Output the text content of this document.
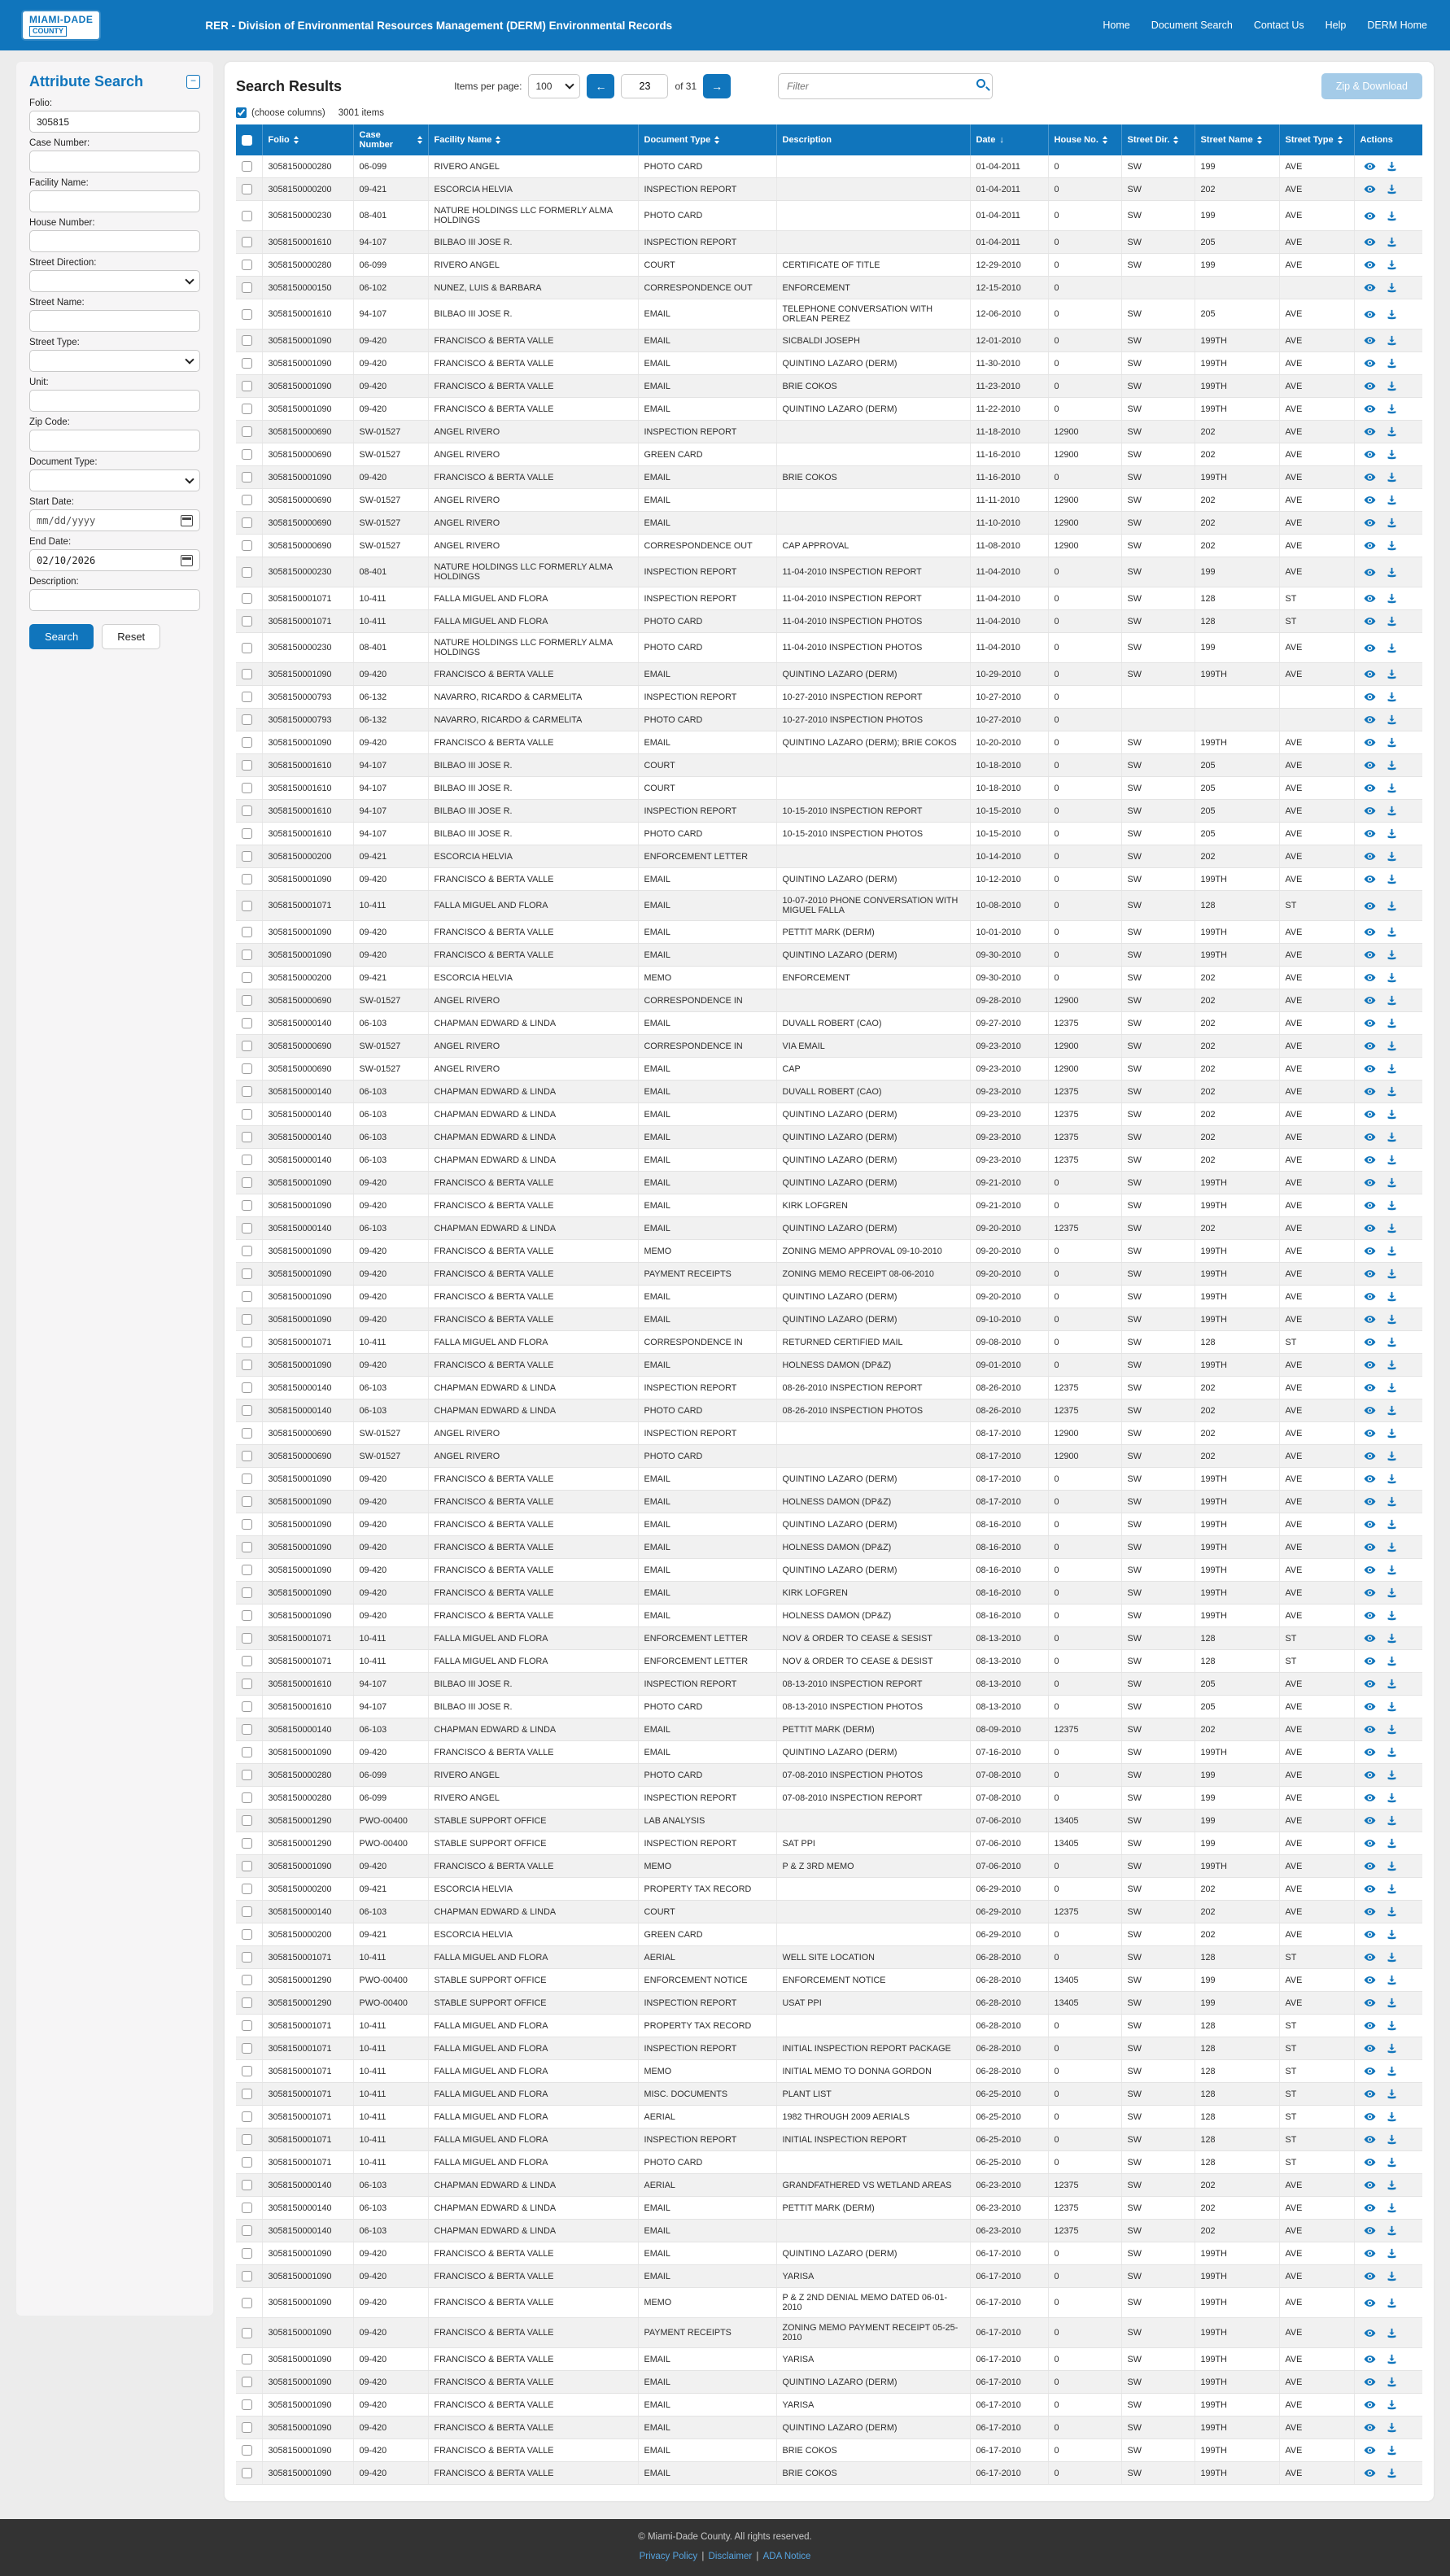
MIAMI-DADE
COUNTY	RER - Division of Environmental Resources Management (DERM) Environmental Records	Home Document Search Contact Us Help DERM Home
Attribute Search	−
Folio:
305815
Case Number:
Facility Name:
House Number:
Street Direction:
Street Name:
Street Type:
Unit:
Zip Code:
Document Type:
Start Date:
mm/dd/yyyy
End Date:
02/10/2026
Description:
Search	Reset
Search Results	Items per page: 100	←
23	of 31	→
Filter	Zip & Download
(choose columns) 3001 items

Folio	Case Number	Facility Name	Document Type	Description	Date ↓	House No.	Street Dir.	Street Name	Street Type	Actions

	3058150000280	06-099	RIVERO ANGEL	PHOTO CARD		01-04-2011	0	SW	199	AVE	

	3058150000200	09-421	ESCORCIA HELVIA	INSPECTION REPORT		01-04-2011	0	SW	202	AVE	

	3058150000230	08-401	NATURE HOLDINGS LLC FORMERLY ALMA HOLDINGS	PHOTO CARD		01-04-2011	0	SW	199	AVE	

	3058150001610	94-107	BILBAO III JOSE R.	INSPECTION REPORT		01-04-2011	0	SW	205	AVE	

	3058150000280	06-099	RIVERO ANGEL	COURT	CERTIFICATE OF TITLE	12-29-2010	0	SW	199	AVE	

	3058150000150	06-102	NUNEZ, LUIS & BARBARA	CORRESPONDENCE OUT	ENFORCEMENT	12-15-2010	0				

	3058150001610	94-107	BILBAO III JOSE R.	EMAIL	TELEPHONE CONVERSATION WITH ORLEAN PEREZ	12-06-2010	0	SW	205	AVE	

	3058150001090	09-420	FRANCISCO & BERTA VALLE	EMAIL	SICBALDI JOSEPH	12-01-2010	0	SW	199TH	AVE	

	3058150001090	09-420	FRANCISCO & BERTA VALLE	EMAIL	QUINTINO LAZARO (DERM)	11-30-2010	0	SW	199TH	AVE	

	3058150001090	09-420	FRANCISCO & BERTA VALLE	EMAIL	BRIE COKOS	11-23-2010	0	SW	199TH	AVE	

	3058150001090	09-420	FRANCISCO & BERTA VALLE	EMAIL	QUINTINO LAZARO (DERM)	11-22-2010	0	SW	199TH	AVE	

	3058150000690	SW-01527	ANGEL RIVERO	INSPECTION REPORT		11-18-2010	12900	SW	202	AVE	

	3058150000690	SW-01527	ANGEL RIVERO	GREEN CARD		11-16-2010	12900	SW	202	AVE	

	3058150001090	09-420	FRANCISCO & BERTA VALLE	EMAIL	BRIE COKOS	11-16-2010	0	SW	199TH	AVE	

	3058150000690	SW-01527	ANGEL RIVERO	EMAIL		11-11-2010	12900	SW	202	AVE	

	3058150000690	SW-01527	ANGEL RIVERO	EMAIL		11-10-2010	12900	SW	202	AVE	

	3058150000690	SW-01527	ANGEL RIVERO	CORRESPONDENCE OUT	CAP APPROVAL	11-08-2010	12900	SW	202	AVE	

	3058150000230	08-401	NATURE HOLDINGS LLC FORMERLY ALMA HOLDINGS	INSPECTION REPORT	11-04-2010 INSPECTION REPORT	11-04-2010	0	SW	199	AVE	

	3058150001071	10-411	FALLA MIGUEL AND FLORA	INSPECTION REPORT	11-04-2010 INSPECTION REPORT	11-04-2010	0	SW	128	ST	

	3058150001071	10-411	FALLA MIGUEL AND FLORA	PHOTO CARD	11-04-2010 INSPECTION PHOTOS	11-04-2010	0	SW	128	ST	

	3058150000230	08-401	NATURE HOLDINGS LLC FORMERLY ALMA HOLDINGS	PHOTO CARD	11-04-2010 INSPECTION PHOTOS	11-04-2010	0	SW	199	AVE	

	3058150001090	09-420	FRANCISCO & BERTA VALLE	EMAIL	QUINTINO LAZARO (DERM)	10-29-2010	0	SW	199TH	AVE	

	3058150000793	06-132	NAVARRO, RICARDO & CARMELITA	INSPECTION REPORT	10-27-2010 INSPECTION REPORT	10-27-2010	0				

	3058150000793	06-132	NAVARRO, RICARDO & CARMELITA	PHOTO CARD	10-27-2010 INSPECTION PHOTOS	10-27-2010	0				

	3058150001090	09-420	FRANCISCO & BERTA VALLE	EMAIL	QUINTINO LAZARO (DERM); BRIE COKOS	10-20-2010	0	SW	199TH	AVE	

	3058150001610	94-107	BILBAO III JOSE R.	COURT		10-18-2010	0	SW	205	AVE	

	3058150001610	94-107	BILBAO III JOSE R.	COURT		10-18-2010	0	SW	205	AVE	

	3058150001610	94-107	BILBAO III JOSE R.	INSPECTION REPORT	10-15-2010 INSPECTION REPORT	10-15-2010	0	SW	205	AVE	

	3058150001610	94-107	BILBAO III JOSE R.	PHOTO CARD	10-15-2010 INSPECTION PHOTOS	10-15-2010	0	SW	205	AVE	

	3058150000200	09-421	ESCORCIA HELVIA	ENFORCEMENT LETTER		10-14-2010	0	SW	202	AVE	

	3058150001090	09-420	FRANCISCO & BERTA VALLE	EMAIL	QUINTINO LAZARO (DERM)	10-12-2010	0	SW	199TH	AVE	

	3058150001071	10-411	FALLA MIGUEL AND FLORA	EMAIL	10-07-2010 PHONE CONVERSATION WITH MIGUEL FALLA	10-08-2010	0	SW	128	ST	

	3058150001090	09-420	FRANCISCO & BERTA VALLE	EMAIL	PETTIT MARK (DERM)	10-01-2010	0	SW	199TH	AVE	

	3058150001090	09-420	FRANCISCO & BERTA VALLE	EMAIL	QUINTINO LAZARO (DERM)	09-30-2010	0	SW	199TH	AVE	

	3058150000200	09-421	ESCORCIA HELVIA	MEMO	ENFORCEMENT	09-30-2010	0	SW	202	AVE	

	3058150000690	SW-01527	ANGEL RIVERO	CORRESPONDENCE IN		09-28-2010	12900	SW	202	AVE	

	3058150000140	06-103	CHAPMAN EDWARD & LINDA	EMAIL	DUVALL ROBERT (CAO)	09-27-2010	12375	SW	202	AVE	

	3058150000690	SW-01527	ANGEL RIVERO	CORRESPONDENCE IN	VIA EMAIL	09-23-2010	12900	SW	202	AVE	

	3058150000690	SW-01527	ANGEL RIVERO	EMAIL	CAP	09-23-2010	12900	SW	202	AVE	

	3058150000140	06-103	CHAPMAN EDWARD & LINDA	EMAIL	DUVALL ROBERT (CAO)	09-23-2010	12375	SW	202	AVE	

	3058150000140	06-103	CHAPMAN EDWARD & LINDA	EMAIL	QUINTINO LAZARO (DERM)	09-23-2010	12375	SW	202	AVE	

	3058150000140	06-103	CHAPMAN EDWARD & LINDA	EMAIL	QUINTINO LAZARO (DERM)	09-23-2010	12375	SW	202	AVE	

	3058150000140	06-103	CHAPMAN EDWARD & LINDA	EMAIL	QUINTINO LAZARO (DERM)	09-23-2010	12375	SW	202	AVE	

	3058150001090	09-420	FRANCISCO & BERTA VALLE	EMAIL	QUINTINO LAZARO (DERM)	09-21-2010	0	SW	199TH	AVE	

	3058150001090	09-420	FRANCISCO & BERTA VALLE	EMAIL	KIRK LOFGREN	09-21-2010	0	SW	199TH	AVE	

	3058150000140	06-103	CHAPMAN EDWARD & LINDA	EMAIL	QUINTINO LAZARO (DERM)	09-20-2010	12375	SW	202	AVE	

	3058150001090	09-420	FRANCISCO & BERTA VALLE	MEMO	ZONING MEMO APPROVAL 09-10-2010	09-20-2010	0	SW	199TH	AVE	

	3058150001090	09-420	FRANCISCO & BERTA VALLE	PAYMENT RECEIPTS	ZONING MEMO RECEIPT 08-06-2010	09-20-2010	0	SW	199TH	AVE	

	3058150001090	09-420	FRANCISCO & BERTA VALLE	EMAIL	QUINTINO LAZARO (DERM)	09-20-2010	0	SW	199TH	AVE	

	3058150001090	09-420	FRANCISCO & BERTA VALLE	EMAIL	QUINTINO LAZARO (DERM)	09-10-2010	0	SW	199TH	AVE	

	3058150001071	10-411	FALLA MIGUEL AND FLORA	CORRESPONDENCE IN	RETURNED CERTIFIED MAIL	09-08-2010	0	SW	128	ST	

	3058150001090	09-420	FRANCISCO & BERTA VALLE	EMAIL	HOLNESS DAMON (DP&Z)	09-01-2010	0	SW	199TH	AVE	

	3058150000140	06-103	CHAPMAN EDWARD & LINDA	INSPECTION REPORT	08-26-2010 INSPECTION REPORT	08-26-2010	12375	SW	202	AVE	

	3058150000140	06-103	CHAPMAN EDWARD & LINDA	PHOTO CARD	08-26-2010 INSPECTION PHOTOS	08-26-2010	12375	SW	202	AVE	

	3058150000690	SW-01527	ANGEL RIVERO	INSPECTION REPORT		08-17-2010	12900	SW	202	AVE	

	3058150000690	SW-01527	ANGEL RIVERO	PHOTO CARD		08-17-2010	12900	SW	202	AVE	

	3058150001090	09-420	FRANCISCO & BERTA VALLE	EMAIL	QUINTINO LAZARO (DERM)	08-17-2010	0	SW	199TH	AVE	

	3058150001090	09-420	FRANCISCO & BERTA VALLE	EMAIL	HOLNESS DAMON (DP&Z)	08-17-2010	0	SW	199TH	AVE	

	3058150001090	09-420	FRANCISCO & BERTA VALLE	EMAIL	QUINTINO LAZARO (DERM)	08-16-2010	0	SW	199TH	AVE	

	3058150001090	09-420	FRANCISCO & BERTA VALLE	EMAIL	HOLNESS DAMON (DP&Z)	08-16-2010	0	SW	199TH	AVE	

	3058150001090	09-420	FRANCISCO & BERTA VALLE	EMAIL	QUINTINO LAZARO (DERM)	08-16-2010	0	SW	199TH	AVE	

	3058150001090	09-420	FRANCISCO & BERTA VALLE	EMAIL	KIRK LOFGREN	08-16-2010	0	SW	199TH	AVE	

	3058150001090	09-420	FRANCISCO & BERTA VALLE	EMAIL	HOLNESS DAMON (DP&Z)	08-16-2010	0	SW	199TH	AVE	

	3058150001071	10-411	FALLA MIGUEL AND FLORA	ENFORCEMENT LETTER	NOV & ORDER TO CEASE & SESIST	08-13-2010	0	SW	128	ST	

	3058150001071	10-411	FALLA MIGUEL AND FLORA	ENFORCEMENT LETTER	NOV & ORDER TO CEASE & DESIST	08-13-2010	0	SW	128	ST	

	3058150001610	94-107	BILBAO III JOSE R.	INSPECTION REPORT	08-13-2010 INSPECTION REPORT	08-13-2010	0	SW	205	AVE	

	3058150001610	94-107	BILBAO III JOSE R.	PHOTO CARD	08-13-2010 INSPECTION PHOTOS	08-13-2010	0	SW	205	AVE	

	3058150000140	06-103	CHAPMAN EDWARD & LINDA	EMAIL	PETTIT MARK (DERM)	08-09-2010	12375	SW	202	AVE	

	3058150001090	09-420	FRANCISCO & BERTA VALLE	EMAIL	QUINTINO LAZARO (DERM)	07-16-2010	0	SW	199TH	AVE	

	3058150000280	06-099	RIVERO ANGEL	PHOTO CARD	07-08-2010 INSPECTION PHOTOS	07-08-2010	0	SW	199	AVE	

	3058150000280	06-099	RIVERO ANGEL	INSPECTION REPORT	07-08-2010 INSPECTION REPORT	07-08-2010	0	SW	199	AVE	

	3058150001290	PWO-00400	STABLE SUPPORT OFFICE	LAB ANALYSIS		07-06-2010	13405	SW	199	AVE	

	3058150001290	PWO-00400	STABLE SUPPORT OFFICE	INSPECTION REPORT	SAT PPI	07-06-2010	13405	SW	199	AVE	

	3058150001090	09-420	FRANCISCO & BERTA VALLE	MEMO	P & Z 3RD MEMO	07-06-2010	0	SW	199TH	AVE	

	3058150000200	09-421	ESCORCIA HELVIA	PROPERTY TAX RECORD		06-29-2010	0	SW	202	AVE	

	3058150000140	06-103	CHAPMAN EDWARD & LINDA	COURT		06-29-2010	12375	SW	202	AVE	

	3058150000200	09-421	ESCORCIA HELVIA	GREEN CARD		06-29-2010	0	SW	202	AVE	

	3058150001071	10-411	FALLA MIGUEL AND FLORA	AERIAL	WELL SITE LOCATION	06-28-2010	0	SW	128	ST	

	3058150001290	PWO-00400	STABLE SUPPORT OFFICE	ENFORCEMENT NOTICE	ENFORCEMENT NOTICE	06-28-2010	13405	SW	199	AVE	

	3058150001290	PWO-00400	STABLE SUPPORT OFFICE	INSPECTION REPORT	USAT PPI	06-28-2010	13405	SW	199	AVE	

	3058150001071	10-411	FALLA MIGUEL AND FLORA	PROPERTY TAX RECORD		06-28-2010	0	SW	128	ST	

	3058150001071	10-411	FALLA MIGUEL AND FLORA	INSPECTION REPORT	INITIAL INSPECTION REPORT PACKAGE	06-28-2010	0	SW	128	ST	

	3058150001071	10-411	FALLA MIGUEL AND FLORA	MEMO	INITIAL MEMO TO DONNA GORDON	06-28-2010	0	SW	128	ST	

	3058150001071	10-411	FALLA MIGUEL AND FLORA	MISC. DOCUMENTS	PLANT LIST	06-25-2010	0	SW	128	ST	

	3058150001071	10-411	FALLA MIGUEL AND FLORA	AERIAL	1982 THROUGH 2009 AERIALS	06-25-2010	0	SW	128	ST	

	3058150001071	10-411	FALLA MIGUEL AND FLORA	INSPECTION REPORT	INITIAL INSPECTION REPORT	06-25-2010	0	SW	128	ST	

	3058150001071	10-411	FALLA MIGUEL AND FLORA	PHOTO CARD		06-25-2010	0	SW	128	ST	

	3058150000140	06-103	CHAPMAN EDWARD & LINDA	AERIAL	GRANDFATHERED VS WETLAND AREAS	06-23-2010	12375	SW	202	AVE	

	3058150000140	06-103	CHAPMAN EDWARD & LINDA	EMAIL	PETTIT MARK (DERM)	06-23-2010	12375	SW	202	AVE	

	3058150000140	06-103	CHAPMAN EDWARD & LINDA	EMAIL		06-23-2010	12375	SW	202	AVE	

	3058150001090	09-420	FRANCISCO & BERTA VALLE	EMAIL	QUINTINO LAZARO (DERM)	06-17-2010	0	SW	199TH	AVE	

	3058150001090	09-420	FRANCISCO & BERTA VALLE	EMAIL	YARISA	06-17-2010	0	SW	199TH	AVE	

	3058150001090	09-420	FRANCISCO & BERTA VALLE	MEMO	P & Z 2ND DENIAL MEMO DATED 06-01-2010	06-17-2010	0	SW	199TH	AVE	

	3058150001090	09-420	FRANCISCO & BERTA VALLE	PAYMENT RECEIPTS	ZONING MEMO PAYMENT RECEIPT 05-25-2010	06-17-2010	0	SW	199TH	AVE	

	3058150001090	09-420	FRANCISCO & BERTA VALLE	EMAIL	YARISA	06-17-2010	0	SW	199TH	AVE	

	3058150001090	09-420	FRANCISCO & BERTA VALLE	EMAIL	QUINTINO LAZARO (DERM)	06-17-2010	0	SW	199TH	AVE	

	3058150001090	09-420	FRANCISCO & BERTA VALLE	EMAIL	YARISA	06-17-2010	0	SW	199TH	AVE	

	3058150001090	09-420	FRANCISCO & BERTA VALLE	EMAIL	QUINTINO LAZARO (DERM)	06-17-2010	0	SW	199TH	AVE	

	3058150001090	09-420	FRANCISCO & BERTA VALLE	EMAIL	BRIE COKOS	06-17-2010	0	SW	199TH	AVE	

	3058150001090	09-420	FRANCISCO & BERTA VALLE	EMAIL	BRIE COKOS	06-17-2010	0	SW	199TH	AVE	
© Miami-Dade County. All rights reserved.
Privacy Policy | Disclaimer | ADA Notice
